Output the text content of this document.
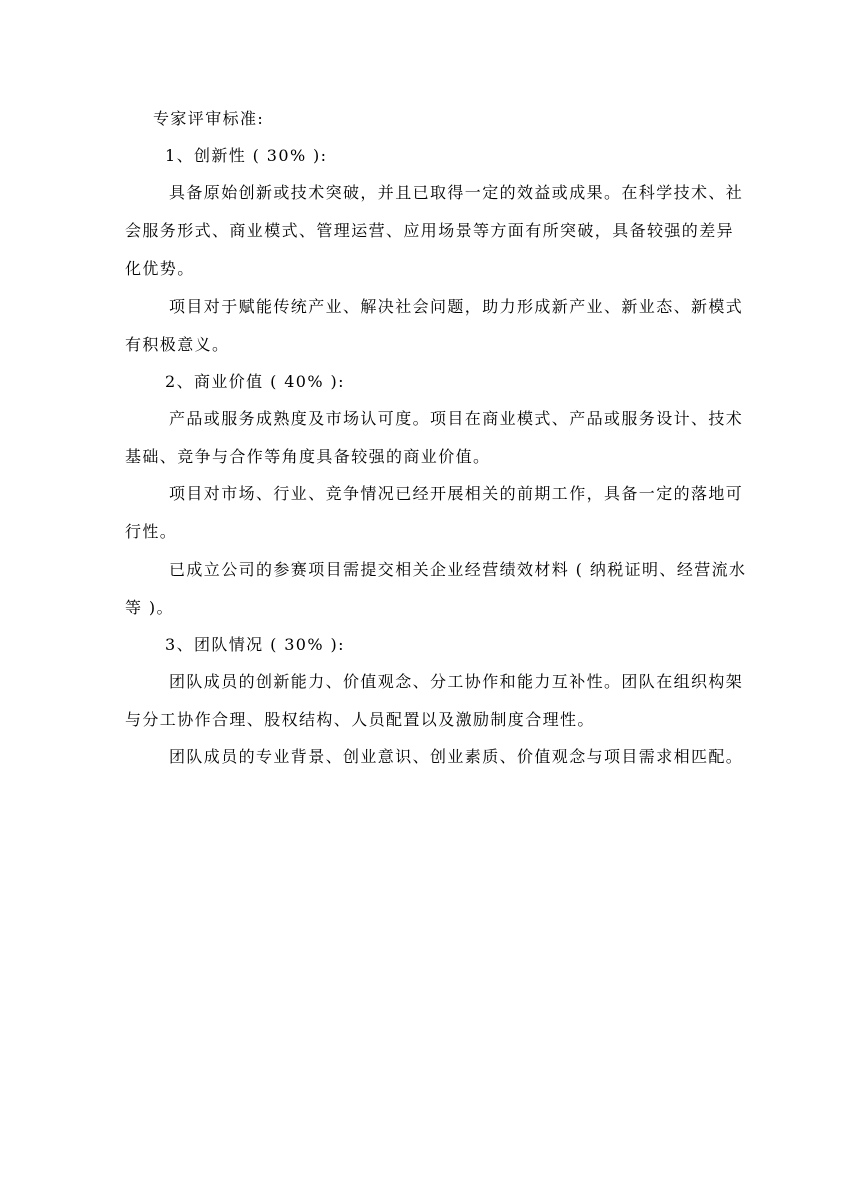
专家评审标准:

1、创新性 ( 30% ):

具备原始创新或技术突破，并且已取得一定的效益或成果。在科学技术、社

会服务形式、商业模式、管理运营、应用场景等方面有所突破，具备较强的差异

化优势。

项目对于赋能传统产业、解决社会问题，助力形成新产业、新业态、新模式

有积极意义。

2、商业价值 ( 40% ):

产品或服务成熟度及市场认可度。项目在商业模式、产品或服务设计、技术

基础、竞争与合作等角度具备较强的商业价值。

项目对市场、行业、竞争情况已经开展相关的前期工作，具备一定的落地可

行性。

已成立公司的参赛项目需提交相关企业经营绩效材料 ( 纳税证明、经营流水

等 )。

3、团队情况 ( 30% ):

团队成员的创新能力、价值观念、分工协作和能力互补性。团队在组织构架

与分工协作合理、股权结构、人员配置以及激励制度合理性。

团队成员的专业背景、创业意识、创业素质、价值观念与项目需求相匹配。
